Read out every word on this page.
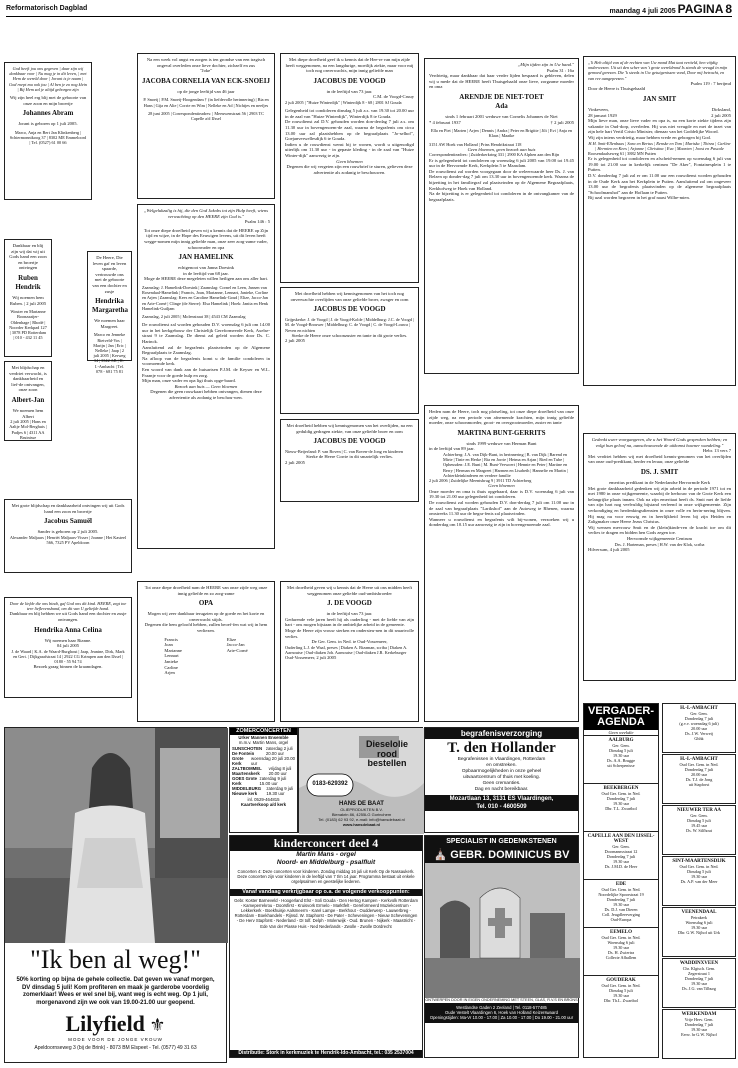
Reformatorisch Dagblad	maandag 4 juli 2005 PAGINA 8
God heeft jou ons gegeven | daar zijn wij dankbaar voor | Nu mag je in dit leven, | met Hem de wereld door | Jorant is je naam | God roept mu ook jou | Al ben je zo nog klein | Bij Hem zal je altijd geborgen zijn
Wij zijn heel erg blij met de geboorte van onze zoon en mijn broertje
Johannes Abram
Jorant is geboren op 1 juli 2005.
Marco, Anja en Bert Jan Klinkenberg | Schiermonnikoog 37 | 8302 ME Emmeloord | Tel. (0527) 61 00 66
Dankbaar en blij zijn wij dat wij uit Gods hand een zoon en broertje ontvingen
Ruben Hendrik
Wij noemen hem Ruben. | 2 juli 2005
Wouter en Marianne Boonzaaijer-Oldenhage | Rhodé | Noorder Kerkpad 127 | 3078 PD Rotterdam | 010 - 432 11 45
De Heere, Die leven gaf en leven spaarde, vertrouwde ons met de geboorte van een dochter en zusje
Hendrika Margaretha
We noemen haar Margreet.
Marco en Jenneke Rietveld-Vos | Marijn | Jan | Eric | Nelleke | Jaap | 2 juli 2005 | Kerweg 34 | 3342 AB | H.-I.-Ambacht | Tel. 078 - 681 75 81
Met blijdschap en verdriet verwacht, is dankbaarheid en lief-de ontvangen, onze zoon
Albert-Jan
We noemen hem Albert
2 juli 2005 | Hans en Aaltje Mol-Berghuis | Padjes 6 | 4311 AA Bruinisse
Met grote blijdschap en dankbaarheid ontvingen wij uit Gods hand een zoon en broertje
Jacobus Samuël
Sander is geboren op 2 juli 2005.
Alexander Maljaars | Henriët Maljaars-Visser | Joanne | Het Kasteel 566, 7325 PV Apeldoorn
Door de liefde die ons bindt, gaf God ons dit kind. HEERE, zegt toe tere lieflevensband, om dit van U geliefde hand.
Dankbaar en blij hebben we uit Gods hand een dochter en zusje ontvangen.
Hendrika Anna Celina
Wij noemen haar Rianne.
04 juli 2005
J. de Waard | K.A. de Waard-Burghout | Jaap, Jeanine, Dirk, Mark en Gert. | Dijkgraafstraat 14 | 2922 CG Krimpen aan den IJssel | 0180 - 55 94 74
Bezoek graag binnen de kraamdagen.
Na een week vol angst en zorgen is ten grondse van een tragisch ongeval overleden onze lieve dochter, zichzelf en zus
"Joke"
JACOBA CORNELIA VAN ECK-SNOEIJ
op de jonge leeftijd van 46 jaar
P. Snoeij | P.M. Snoeij-Hoogendam † (in liefdevolle herinnering) | Bia en Hans | Gija en Alie | Corrie en Wim | Nelleke en Ad | Nichtjes en neefjes
28 juni 2005 | Correspondentieadres: | Meeuwenstraat 56 | 2903 TC Capelle a/d IJssel
„Welgelukzalig is hij, die den God Jakobs tot zijn Hulp heeft, wiens verwachting op den HEERE zijn God is."
Psalm 146 : 5
Tot onze diepe droefheid geven wij u kennis dat de HEERE op Zijn tijd en wijze, in de Hope des Eeuwigen levens, uit dit leven heeft wegge-nomen mijn innig geliefde man, onze zeer zorg-zame vader, schoonvader en opa
JAN HAMELINK
echtgenoot van Janna Doesink
in de leeftijd van 68 jaar.
Moge de HEERE deze megeleten willen heiligen aan ons aller hart.
Zaamslag: J. Hamelink-Doesink | Zaamslag: Cornel en Leen, Jansen van Rosendaal-Hamelink | Francis, Joan, Marianne, Lennart, Janieke, Corline en Arjen | Zaamslag: Kees en Caroline Hamelink-Goud | Elize, Jacco-Jan en Arie-Corné | Clinge (de Sterre): Elsa Hamelink | Hoek: Janita en Henk Hamelink-Guiljam
Zaamslag, 2 juli 2005 | Molenstraat 38 | 4543 CM Zaamslag
De rouwdienst zal worden gehouden D.V. woensdag 6 juli om 14.00 uur in het kerkgebouw der Christelijk Gereformeerde Kerk, Axelse-straat 9 te Zaamslag. De dienst zal geleid worden door Ds. C. Harinck.
Aansluitend zal de begrafenis plaatsvinden op de Algemene Begraafplaats te Zaamslag.
Na afloop van de begrafenis komt u de familie condoleren in voornoemde kerk.
Een woord van dank aan de huisartsen P.J.M. de Keyser en W.L. Fraanje voor de goede hulp en zorg.
Mijn man, onze vader en opa ligt thuis opge-baard.
Bezoek aan huis — Geen bloemen
Degenen die geen rouwkaart hebben ontvangen, dienen deze advertentie als zodanig te beschou-wen.
Tot onze diepe droefheid nam de HEERE van onze zijde weg onze innig geliefde en zo zorg-zame
OPA
Mogen wij zeer dankbaar terugzien op de goede en het korte en onverwacht stijds.
Degenen die hem geloofd hebben, zullen beoef-fen wat wij in hem verliezen.
Francis
Joan
Marianne
Lennart
Janieke
Carline
Arjen
Elize
Jacco-Jan
Arie-Corné
Met diepe droefheid geef ik u kennis dat de Hee-re van mijn zijde heeft weggenomen, na een langdurige, moeilijk ziekte, maar voor mij toch nog onverwachts, mijn innig geliefde man
JACOBUS DE VOOGD
in de leeftijd van 73 jaar.
C.M. de Voogd-Cruuy
2 juli 2005 | "Huize Winterdijk" | Winterdijk 8 - 68 | 2801 SJ Gouda
Gelegenheid tot condoleren dinsdag 5 juli a.s. van 19.30 tot 20.00 uur in de zaal van "Huize Winterdijk", Winterdijk 8 te Gouda.
De rouwdienst zal D.V. gehouden worden don-derdag 7 juli a.s. om 11.30 uur in bovengenoem-de zaal, waarna de begrafenis om circa 13.00 uur zal plaatshebben op de begraafplaats "Jo-selhof", Goejanverwellesdijk 6 te Gouda.
Indien u de rouwdienst wenst bij te wonen, wordt u uitgenodigd uiterlijk om 11.30 uur - in gepaste kleding - in de zaal van "Huize Winter-dijk" aanwezig te zijn.
Geen bloemen
Degenen die wij vergeten zijn een rouwbrief te sturen, gelieven deze advertentie als zodanig te beschouwen.
Met droefheid hebben wij kennisgenomen van het toch nog onverwachte overlijden van onze geliefde broer, zwager en oom
JACOBUS DE VOOGD
Grijpskerke: J. de Voogd | J. de Voogd-Kolde | Middelburg: J.C. de Voogd | M. de Voogd-Brouwer | Middelburg: C. de Voogd | C. de Voogd-Louwa | Neven en nichten
Sterke de Heere onze schoonzuster en tante in dit grote verlies.
2 juli 2005
Met droefheid hebben wij kennisgenomen van het overlijden, na een geduldig gedragen ziekte, van onze geliefde broer en oom
JACOBUS DE VOOGD
Nieuw-Beijerland: P. van Boven | C. van Boven-de Jong en kinderen
Sterke de Heere Corrie in dit smartelijk verlies.
2 juli 2005
Met droefheid geven wij u kennis dat de Heere uit ons midden heeft weggenomen onze geliefde oud-ambtsbroeder
J. DE VOOGD
in de leeftijd van 73 jaar.
Gedurende vele jaren heeft hij als ouderling - met de liefde van zijn hart - ons mogen bijstaan in de ambtelijke arbeid in de gemeente.
Moge de Heere zijn vrouw sterken en ondersteu-nen in dit smartvolle verlies.
De Ger. Gem. in Ned. te Oud-Vossemeer,
Ouderling L.J. de Waal, preses | Diaken A. Bizaman, scriba | Diaken A. Aarnoutse | Oud-diaken Joh. Aarnoutse | Oud-diaken J.R. Kerkeburger
Oud-Vossemeer, 2 juli 2005
„Mijn tijden zijn in Uw hand."
Psalm 31 : 16a
Verdrietig, maar dankbaar dat haar verder lijden bespaard is gebleven, delen wij u mede dat de HEERE heeft Thuisgehaald onze lieve, zorgzame moeder en oma
ARENDJE DE NIET-TOET
Ada
sinds 1 februari 2001 weduwe van Cornelis Johannes de Niet
* 4 februari 1937	† 2 juli 2005
Ella en Piet | Marten | Arjen | Dennis | Andra | Peter en Brigitte | Jilt | Evi | Anja en Klaas | Maaike
3151 AW Hoek van Holland | Prins Hendrikstraat 118
Geen bloemen, geen bezoek aan huis
Correspondentieadres: | Zuiderkerkring 331 | 2900 KA Alphen aan den Rijn
Er is gelegenheid tot condoleren op woensdag 6 juli 2005 van 19.00 tot 19.45 uur in de Hervormde Kerk, Kerkplein 5 te Maasdam.
De rouwdienst zal worden voorgegaan door de weleerwaarde heer Ds. J. van Belzen op donder-dag 7 juli om 13.30 uur in bovengenoemde kerk. Waarna de bijzetting in het familiegraf zal plaatsvinden op de Algemene Begraafplaats, Kerkhofweg te Hoek van Holland.
Na de bijzetting is er gelegenheid tot condoleren in de ontvangkamer van de begraafplaats.
Heden nam de Heere, toch nog plotseling, tot onze diepe droefheid van onze zijde weg, na een periode van afnemende krachten, mijn innig geliefde moeder, onze schoonmoeder, groot- en overgrootmoeder, zuster en tante
MARTINA BUNT-GERRITS
sinds 1999 weduwe van Herman Bunt
in de leeftijd van 89 jaar.
Achterberg: J.A. van Dijk-Bunt, in herinnering | B. van Dijk | Barend en Mirte | Tinie en Herke | Ria en Jorrie | Hetma en Arjan | Ried en Tube | Opheusden: J.E. Bunt | M. Bunt-Verwoert | Hennie en Peter | Martine en Berry | Herman en Margreet | Harmen en Lisabeth | Hannelie en Martin | Achterkleinkinderen en verdere familie
2 juli 2006 | Zuidelijke Meentsbrug 9 | 3911 TD Achterberg
Geen bloemen
Onze moeder en oma is thuis opgebaard, daar is D.V. woensdag 6 juli van 19.30 tot 21.00 uur gelegenheid tot condoleren.
De rouwdienst zal worden gehouden D.V. don-derdag 7 juli om 11.00 uur in de zaal van begraafplaats "Larikshof" aan de Autoweg te Rhenen, waarna omstreeks 11.30 uur de begra-fenis zal plaatsvinden.
Wanneer u rouwdienst en begrafenis wilt bij-wonen, verzoeken wij u donderdag om 10.15 uur aanwezig te zijn in bovengenoemde zaal.
„'k Heb altijd van af de rechten van Uw mond Mat taat vertield, hen viijdig onderwezen. Uit uti den scher van 't grote wereldrond Is steeds de vreugd in mijn gemoed gerezen. Die 'k steeds in Uw getuigenissen vond, Door mij betracht, en van ree aangeprezen."
Psalm 119 : 7 berijmd
Door de Heere is Thuisgehaald
JAN SMIT
Vinkeveen,
28 januari 1929
Dirksland,
2 juli 2005
Mijn lieve man, onze lieve vader en opa is, na een korte ziekte tijdens zijn vakantie in Oud-dorp, overleden. Hij was niet vreugde en met de inzet van zijn hele hart Vertil Cristo Minister, dienaar van het Goddelijke Woord.
Wij zijn intens verdrietig, maar hebben vrede en geborgen bij God.
H.H. Smit-Ellenbaas | Sara en Bertus | Renske en Tom | Mariska | Thirza | Carline | Hermien en Kees | Arjanne | Christina | Eva | Maarten | Joost en Pascale
Roosendaalseweg 61 | 3882 MN Putten
Er is gelegenheid tot condoleren en afscheid-nemen op woensdag 6 juli van 19.00 tot 21.00 uur in kerkelijk centrum "De Aker", Fontainesplein 1 te Putten.
D.V. donderdag 7 juli zal er om 11.00 uur een rouwdienst worden gehouden in de Oude Kerk aan het Kerkplein te Putten. Aansluitend zal om ongeveer 13.00 uur de begrafenis plaatsvinden op de algemene begraafplaats "Schoolmanshof" aan de Hoflaan te Putten.
Bij uzal worden begraven in het graf naast Wilhe-mien.
Gedenkt uwer voorgangeren, die u het Woord Gods gesproken hebben; en volgt hun geloof na, aanschouwende de uitkomst huwner wandeling."
Hebr. 13 vers 7
Met verdriet hebben wij met droefheid kennis-genomen van het overlijden van onze oud-predikant, herder en leraar, onze geliefde
DS. J. SMIT
emeritus predikant in de Nederlandse Hervormde Kerk
Met grote dankbaarheid gedenken wij zijn arbeid in de periode 1971 tot en met 1980 in onze wijkgemeente, waarbij de herbouw van de Grote Kerk een belangrijke plaats innam. Ook na zijn emeritaat heeft ds. Smit met de liefde van zijn hart nog veelvuldig bijstand verleend in onze wijkgemeente. Zijn verkondiging en herdenkingsdiensten in onze volle en herin-nering blijven. Hij mag nu voor eeuwig en in heerlijkheid leven bij zijn Heiden en Zaligmaker onze Heere Jezus Christus.
Wij wensen mevrouw Smit en de (klein)kinde-ren de kracht toe om dit verlies te dragen en bidden hen Gods zegen toe.
Hervormde wijkgemeente Centrum
Drs. J. Harteman, preses | H.W. van der Klok, scriba
Hilversum, 4 juli 2005
VERGADER-
AGENDA
Geen weekdie
AALBURG
Ger. Gem.
Dinsdag 5 juli
19.30 uur
Ds. A.A. Brugge
uit Scherpenisse
BEEKBERGEN
Oud Ger. Gem. in Ned.
Donderdag 7 juli
19.30 uur
Dhr. T.L. Zwartbol
CAPELLE AAN DEN IJSSEL-WEST
Ger. Gem.
Doornannsstraat 12
Donderdag 7 juli
19.30 uur
Ds. J.M.D. de Heer
EDE
Oud Ger. Gem. in Ned.
Noordelijke Spoorstraat 19
Donderdag 7 juli
19.30 uur
Ds. D.J. van Dieren
Coll. Jeugdleerverging
Oud-Europa
EEMELO
Oud Ger. Gem. in Ned.
Woensdag 6 juli
19.30 uur
Ds. H. Zwiertra
Collecte Afhallem
GOUDERAK
Oud Ger. Gem. in Ned.
Dinsdag 5 juli
19.30 uur
Dhr. Th.L. Zwartbol
H.-I.-AMBACHT
Ger. Gem.
Donderdag 7 juli
(g.v.v. woensdag 6 juli)
20.00 uur
Ds. J.W. Verweij
Ghhk
H.-I.-AMBACHT
Oud Ger. Gem. in Ned.
Donderdag 7 juli
20.00 uur
Ds. T.J. de Jong
uit Stapforst
NIEUWER TER AA
Ger. Gem.
Dinsdag 5 juli
19.45 uur
Ds. W. Silfhout
SINT-MAARTENSDIJK
Oud Ger. Gem. in Ned.
Dinsdag 5 juli
19.30 uur
Ds. A.P. van der Meer
VEENENDAAL
Petrakerk
Woensdag 6 juli
19.30 uur
Dhr. G.W. Nijhof uit Urk
WADDINXVEEN
Chr. Klgtsch. Gem.
Zegerstraat 1
Donderdag 7 juli
19.30 uur
Ds. J.G. van Tilburg
WERKENDAM
Vrije Herv. Gem.
Donderdag 7 juli
19.30 uur
Eerw. hr G.W. Nijhof
"Ik ben al weg!"
50% korting op bijna de gehele collectie. Dat geven we vanaf morgen, DV dinsdag 5 juli! Kom profiteren en maak je garderobe voordelig zomerklaar! Wees er wel snel bij, want weg is echt weg. Op 1 juli, morgenavond zijn we ook van 19.00-21.00 uur geopend.
Lilyfield ⚜
MODE VOOR DE JONGE VROUW
Apeldoornseweg 3 (bij de Brink) - 8073 BM Elspeet - Tel. (0577) 49 31 63
ZOMERCONCERTEN
Urker Mannen Ensemble
m.m.v. Martin Mans, orgel
SUNSCHOTEN De Fontein
zaterdag 2 juli 20.00 uur
Grote Kerk
woensdag 20 juli 20.00 uur
ZALTBOMMEL Maartenskerk
vrijdag 8 juli 20.00 uur
GOES Grote Kerk
zaterdag 9 juli 15.00 uur
MIDDELBURG Nieuwe kerk
zaterdag 9 juli 19.30 uur
inl. 0529-464815
Kaartverkoop a/d kerk
Dieselolie
rood
bestellen
0183-629392
HANS DE BAAT
OLIEPRODUKTEN B.V.
Bienakrin 86, 4255LG Gorinchem
Tel. (0183) 62 93 92, e-mail: info@hansdebaat.nl
www.hansdebaat.nl
begrafenisverzorging
T. den Hollander
Begrafenissen in Vlaardingen, Rotterdam
en omstreken.
Opbaarmogelijkheden in onze geheel
uitvaartcentrum of thuis met koeling.
Geen cremanties.
Dag en nacht bereikbaar.
Mozartlaan 13, 3131 ES Vlaardingen,
Tel. 010 - 4600509
kinderconcert deel 4
Martin Mans - orgel
Noord- en Middelburg - psalfluit
Concerten 4: Deze concerten voor kinderen. Zondag middag 16 juli uit Kerk Op de Nassaukerk. Deze concerten zijn voor kinderen in de leeftijd van 7 t/m 14 jaar. Programma bestaat uit enkele orgelpsalmen en geestelijke liederen.
Vanaf vandaag verkrijgbaar op o.a. de volgende verkooppunten:
Gebr. Koster Barneveld - Hoogerland Elst - Soli Gouda - Den Hertog Kampen - Kerkvolk Rotterdam - Kameperrekrou - Doorsfirst - Kruisvork Ermelo - Marktfelt - Gereformeerd Muziekcentrum - Lekkerkerk - Boekhuisje Aalsmeerm - Karel Lampe - Berkhout - Oudderwerp - Lauwerbreg - Rotterdam - Boekhandels - Rijnsd. W. Staphorst - De Pater - Scheveningen - Nieuw Scheveningen - De Herv Stapforst - Nederland - DI tolf. Delph - Molenwijk - Oud. Brunen - Nijkerk - Maastricht - Ede Van der Plasse Huis - Ned Nederlands - Zwolle - Zwolle Dordrecht
Distributie: Stork in kerkmuziek te Hendrik-Ido-Ambacht, tel.: 035 2537004
SPECIALIST IN GEDENKSTENEN
⛪ GEBR. DOMINICUS BV
ONTWERPEN DOOR IN EIGEN ONDERNEMING MET STEEN, GLAS, R.V.S EN BRONS
Westlandse Gaden 2 Zeeland | Tel. 0118-577485
Oude Vestelt Vlaardingen 6, Hoek van Holland Keizerswaard
Openingstijden: Ma-Vr 10.00 - 17.00 | Za 10.00 - 17.00 | Do 19.00 - 21.00 uur
